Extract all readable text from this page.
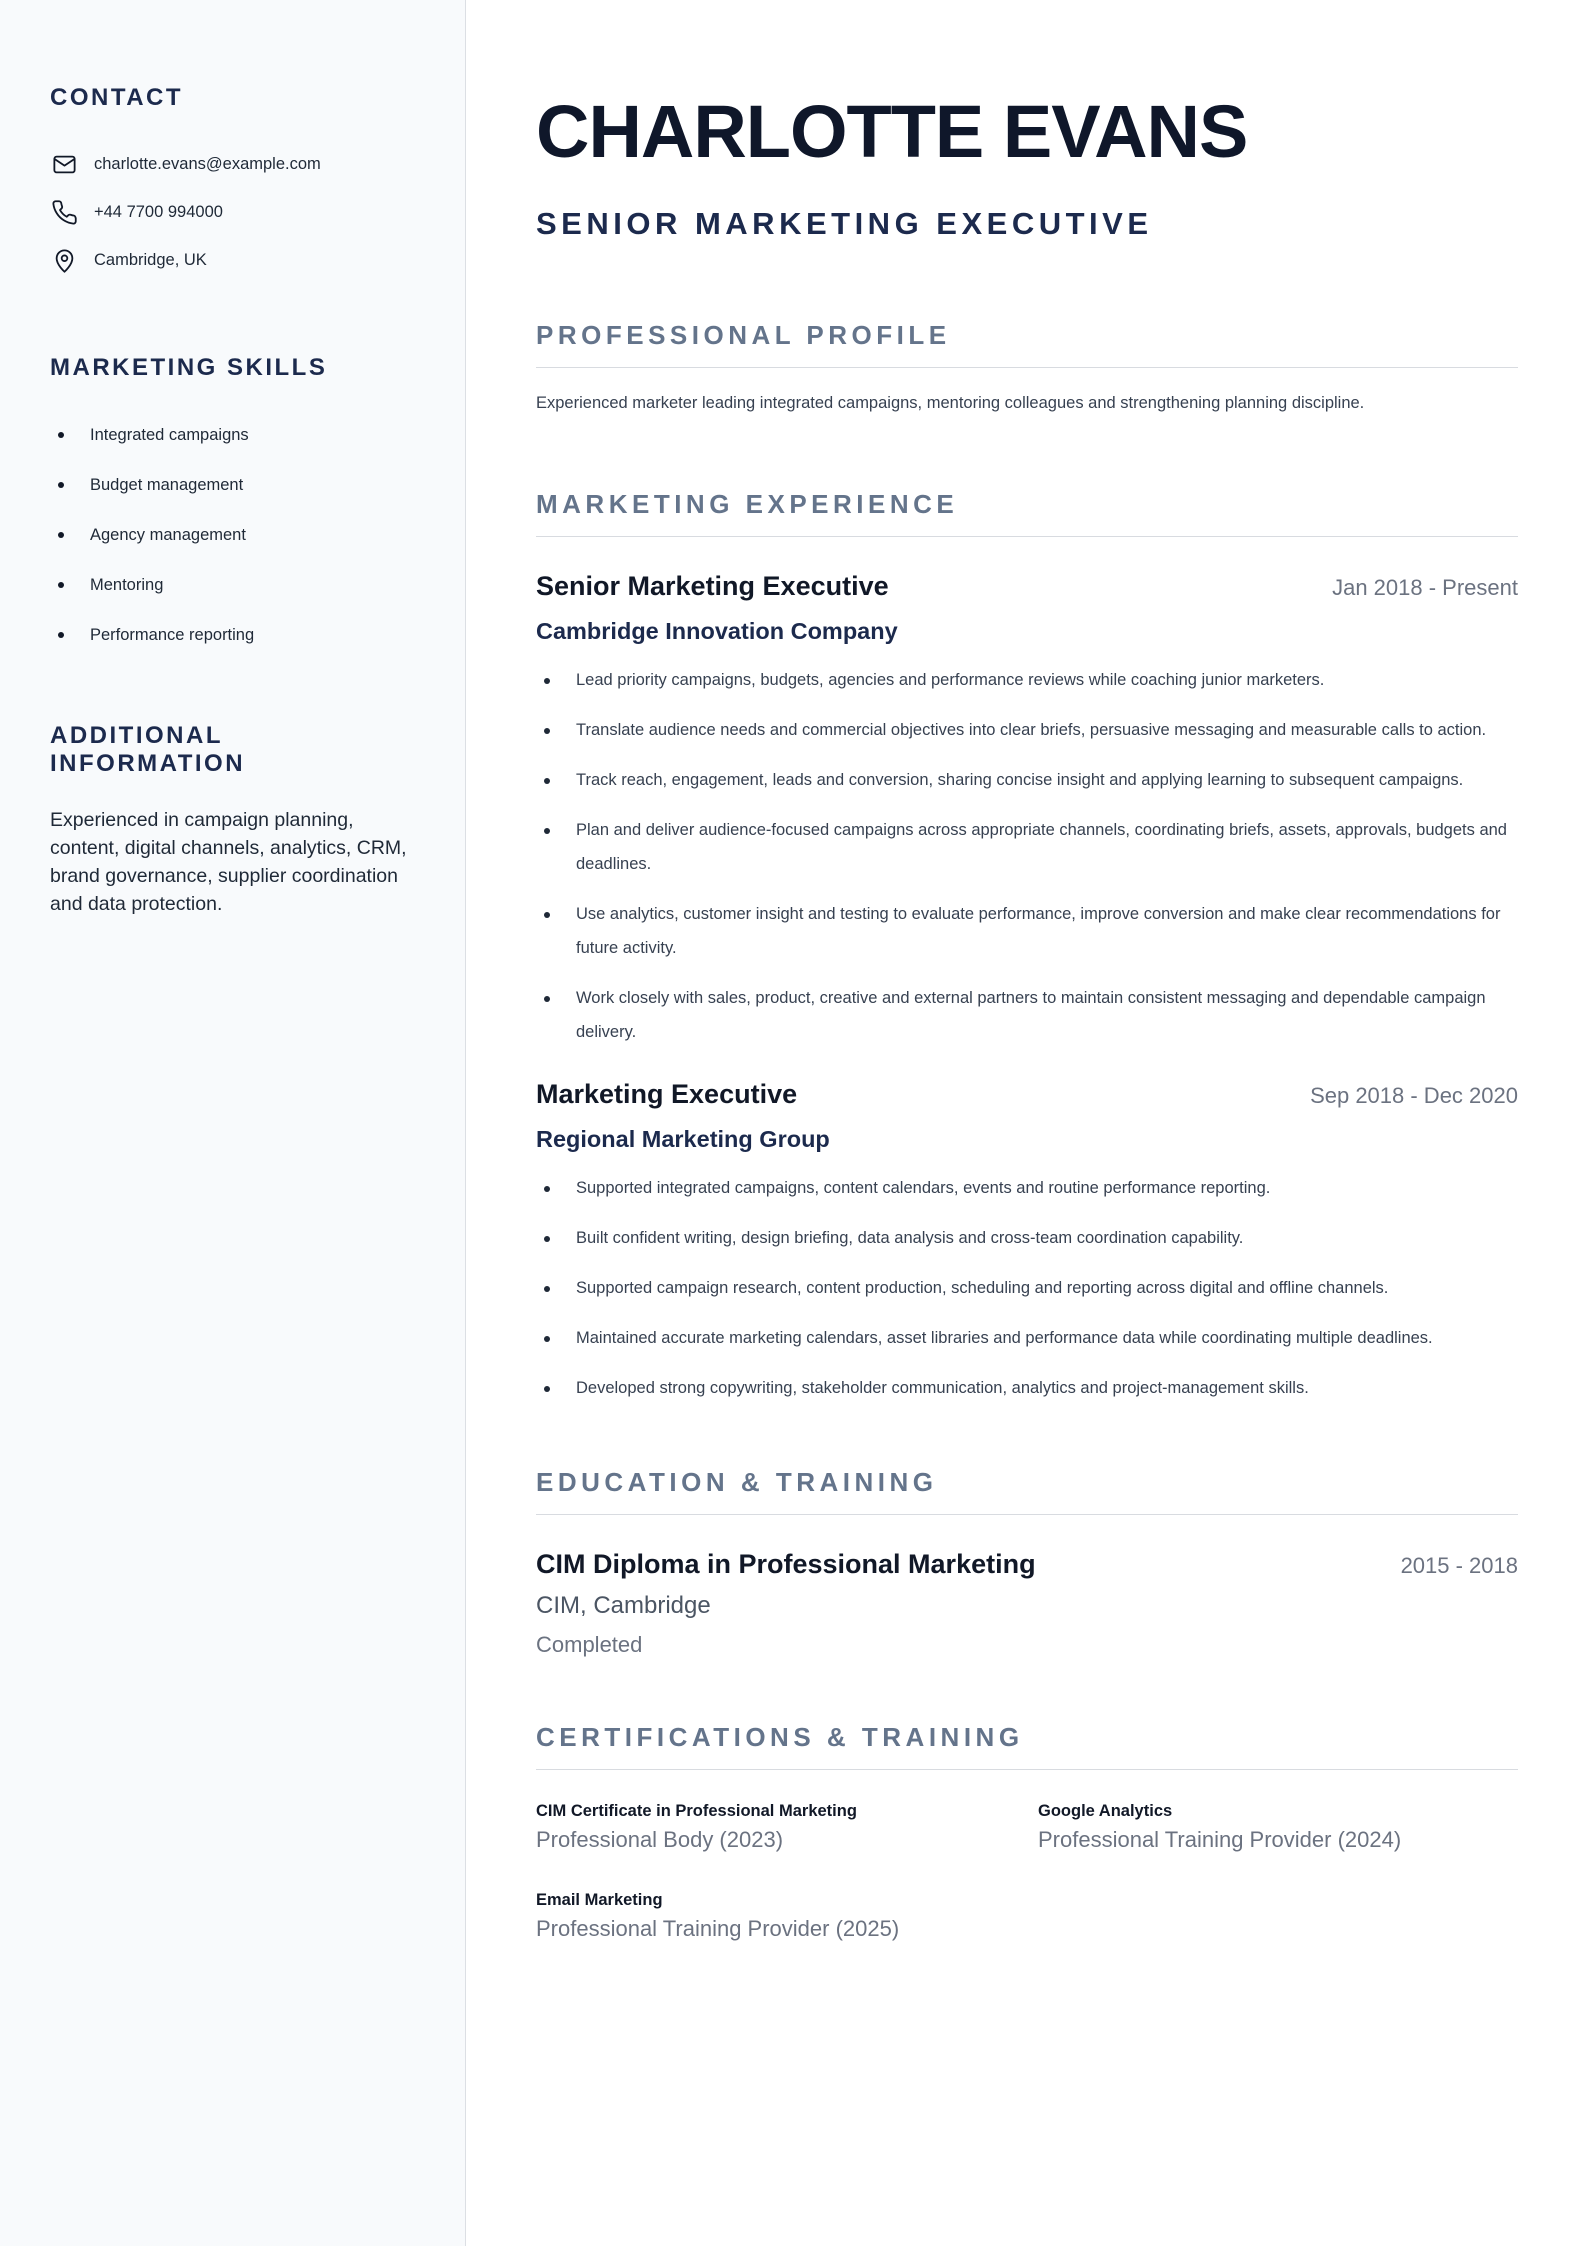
CONTACT
charlotte.evans@example.com
+44 7700 994000
Cambridge, UK
MARKETING SKILLS
Integrated campaigns
Budget management
Agency management
Mentoring
Performance reporting
ADDITIONAL INFORMATION

Experienced in campaign planning, content, digital channels, analytics, CRM, brand governance, supplier coordination and data protection.

CHARLOTTE EVANS
SENIOR MARKETING EXECUTIVE
PROFESSIONAL PROFILE

Experienced marketer leading integrated campaigns, mentoring colleagues and strengthening planning discipline.

MARKETING EXPERIENCE
Senior Marketing Executive	Jan 2018 - Present
Cambridge Innovation Company
Lead priority campaigns, budgets, agencies and performance reviews while coaching junior marketers.
Translate audience needs and commercial objectives into clear briefs, persuasive messaging and measurable calls to action.
Track reach, engagement, leads and conversion, sharing concise insight and applying learning to subsequent campaigns.
Plan and deliver audience-focused campaigns across appropriate channels, coordinating briefs, assets, approvals, budgets and deadlines.
Use analytics, customer insight and testing to evaluate performance, improve conversion and make clear recommendations for future activity.
Work closely with sales, product, creative and external partners to maintain consistent messaging and dependable campaign delivery.
Marketing Executive	Sep 2018 - Dec 2020
Regional Marketing Group
Supported integrated campaigns, content calendars, events and routine performance reporting.
Built confident writing, design briefing, data analysis and cross-team coordination capability.
Supported campaign research, content production, scheduling and reporting across digital and offline channels.
Maintained accurate marketing calendars, asset libraries and performance data while coordinating multiple deadlines.
Developed strong copywriting, stakeholder communication, analytics and project-management skills.
EDUCATION & TRAINING
CIM Diploma in Professional Marketing	2015 - 2018
CIM, Cambridge
Completed
CERTIFICATIONS & TRAINING
CIM Certificate in Professional Marketing
Professional Body (2023)
Google Analytics
Professional Training Provider (2024)
Email Marketing
Professional Training Provider (2025)
